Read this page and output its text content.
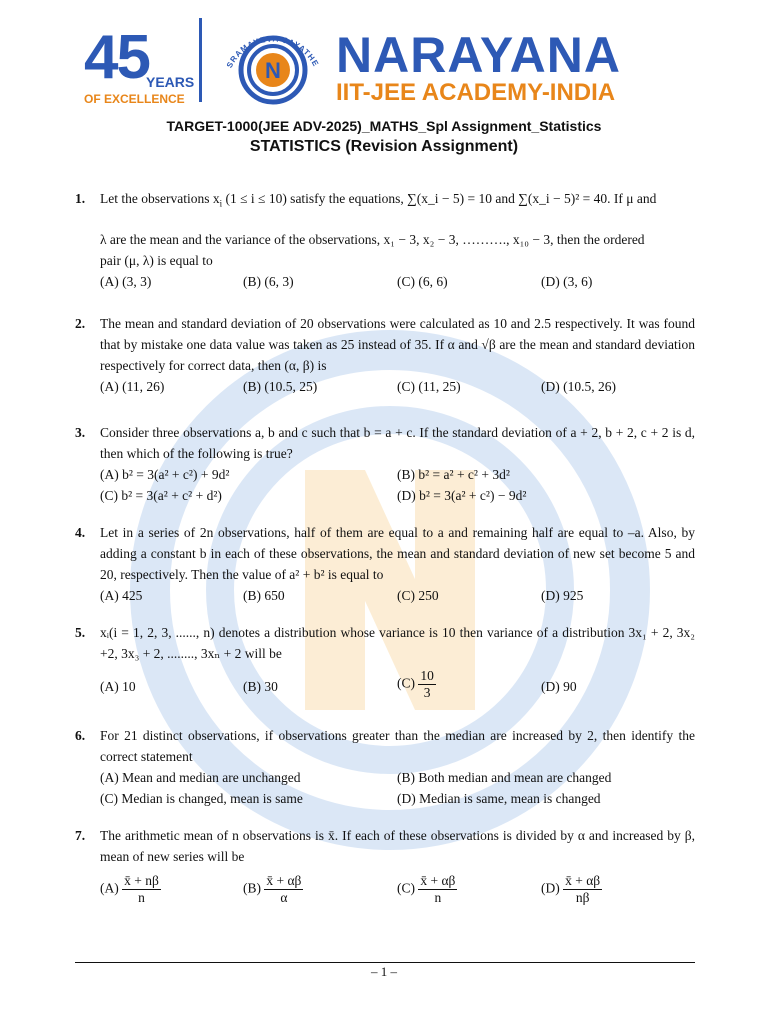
45
YEARS
OF EXCELLENCE
N
SRAMAYEVA JAYATHE NARAYANA
IIT-JEE ACADEMY-INDIA
TARGET-1000(JEE ADV-2025)_MATHS_Spl Assignment_Statistics
STATISTICS (Revision Assignment)
1. Let the observations $x_i$ (1 ≤ i ≤ 10) satisfy the equations, ∑(x_i − 5) = 10 and ∑(x_i − 5)² = 40. If μ and
λ are the mean and the variance of the observations, x₁ − 3, x₂ − 3, ………., x₁₀ − 3, then the ordered
pair (μ, λ) is equal to
(A) (3, 3)	(B) (6, 3)	(C) (6, 6)	(D) (3, 6)
2. The mean and standard deviation of 20 observations were calculated as 10 and 2.5 respectively. It was found that by mistake one data value was taken as 25 instead of 35. If α and √β are the mean and standard deviation respectively for correct data, then (α, β) is
(A) (11, 26)	(B) (10.5, 25)	(C) (11, 25)	(D) (10.5, 26)
3. Consider three observations a, b and c such that b = a + c. If the standard deviation of a + 2, b + 2, c + 2 is d, then which of the following is true?
(A) b² = 3(a² + c²) + 9d²	(B) b² = a² + c² + 3d²
(C) b² = 3(a² + c² + d²)	(D) b² = 3(a² + c²) − 9d²
4. Let in a series of 2n observations, half of them are equal to a and remaining half are equal to –a. Also, by adding a constant b in each of these observations, the mean and standard deviation of new set become 5 and 20, respectively. Then the value of a² + b² is equal to
(A) 425	(B) 650	(C) 250	(D) 925
5. xᵢ(i = 1, 2, 3, ......, n) denotes a distribution whose variance is 10 then variance of a distribution 3x₁ + 2, 3x₂ +2, 3x₃ + 2, ........, 3xₙ + 2 will be
(A) 10	(B) 30	$(C) \frac{10}{3}$	(D) 90
6. For 21 distinct observations, if observations greater than the median are increased by 2, then identify the correct statement
(A) Mean and median are unchanged	(B) Both median and mean are changed
(C) Median is changed, mean is same	(D) Median is same, mean is changed
7. The arithmetic mean of n observations is x̄. If each of these observations is divided by α and increased by β, mean of new series will be
$(A) \frac{x̄ + n\beta}{n}$	$(B) \frac{x̄ + \alpha\beta}{\alpha}$	$(C) \frac{x̄ + \alpha\beta}{n}$	$(D) \frac{x̄ + \alpha\beta}{n\beta}$
– 1 –
